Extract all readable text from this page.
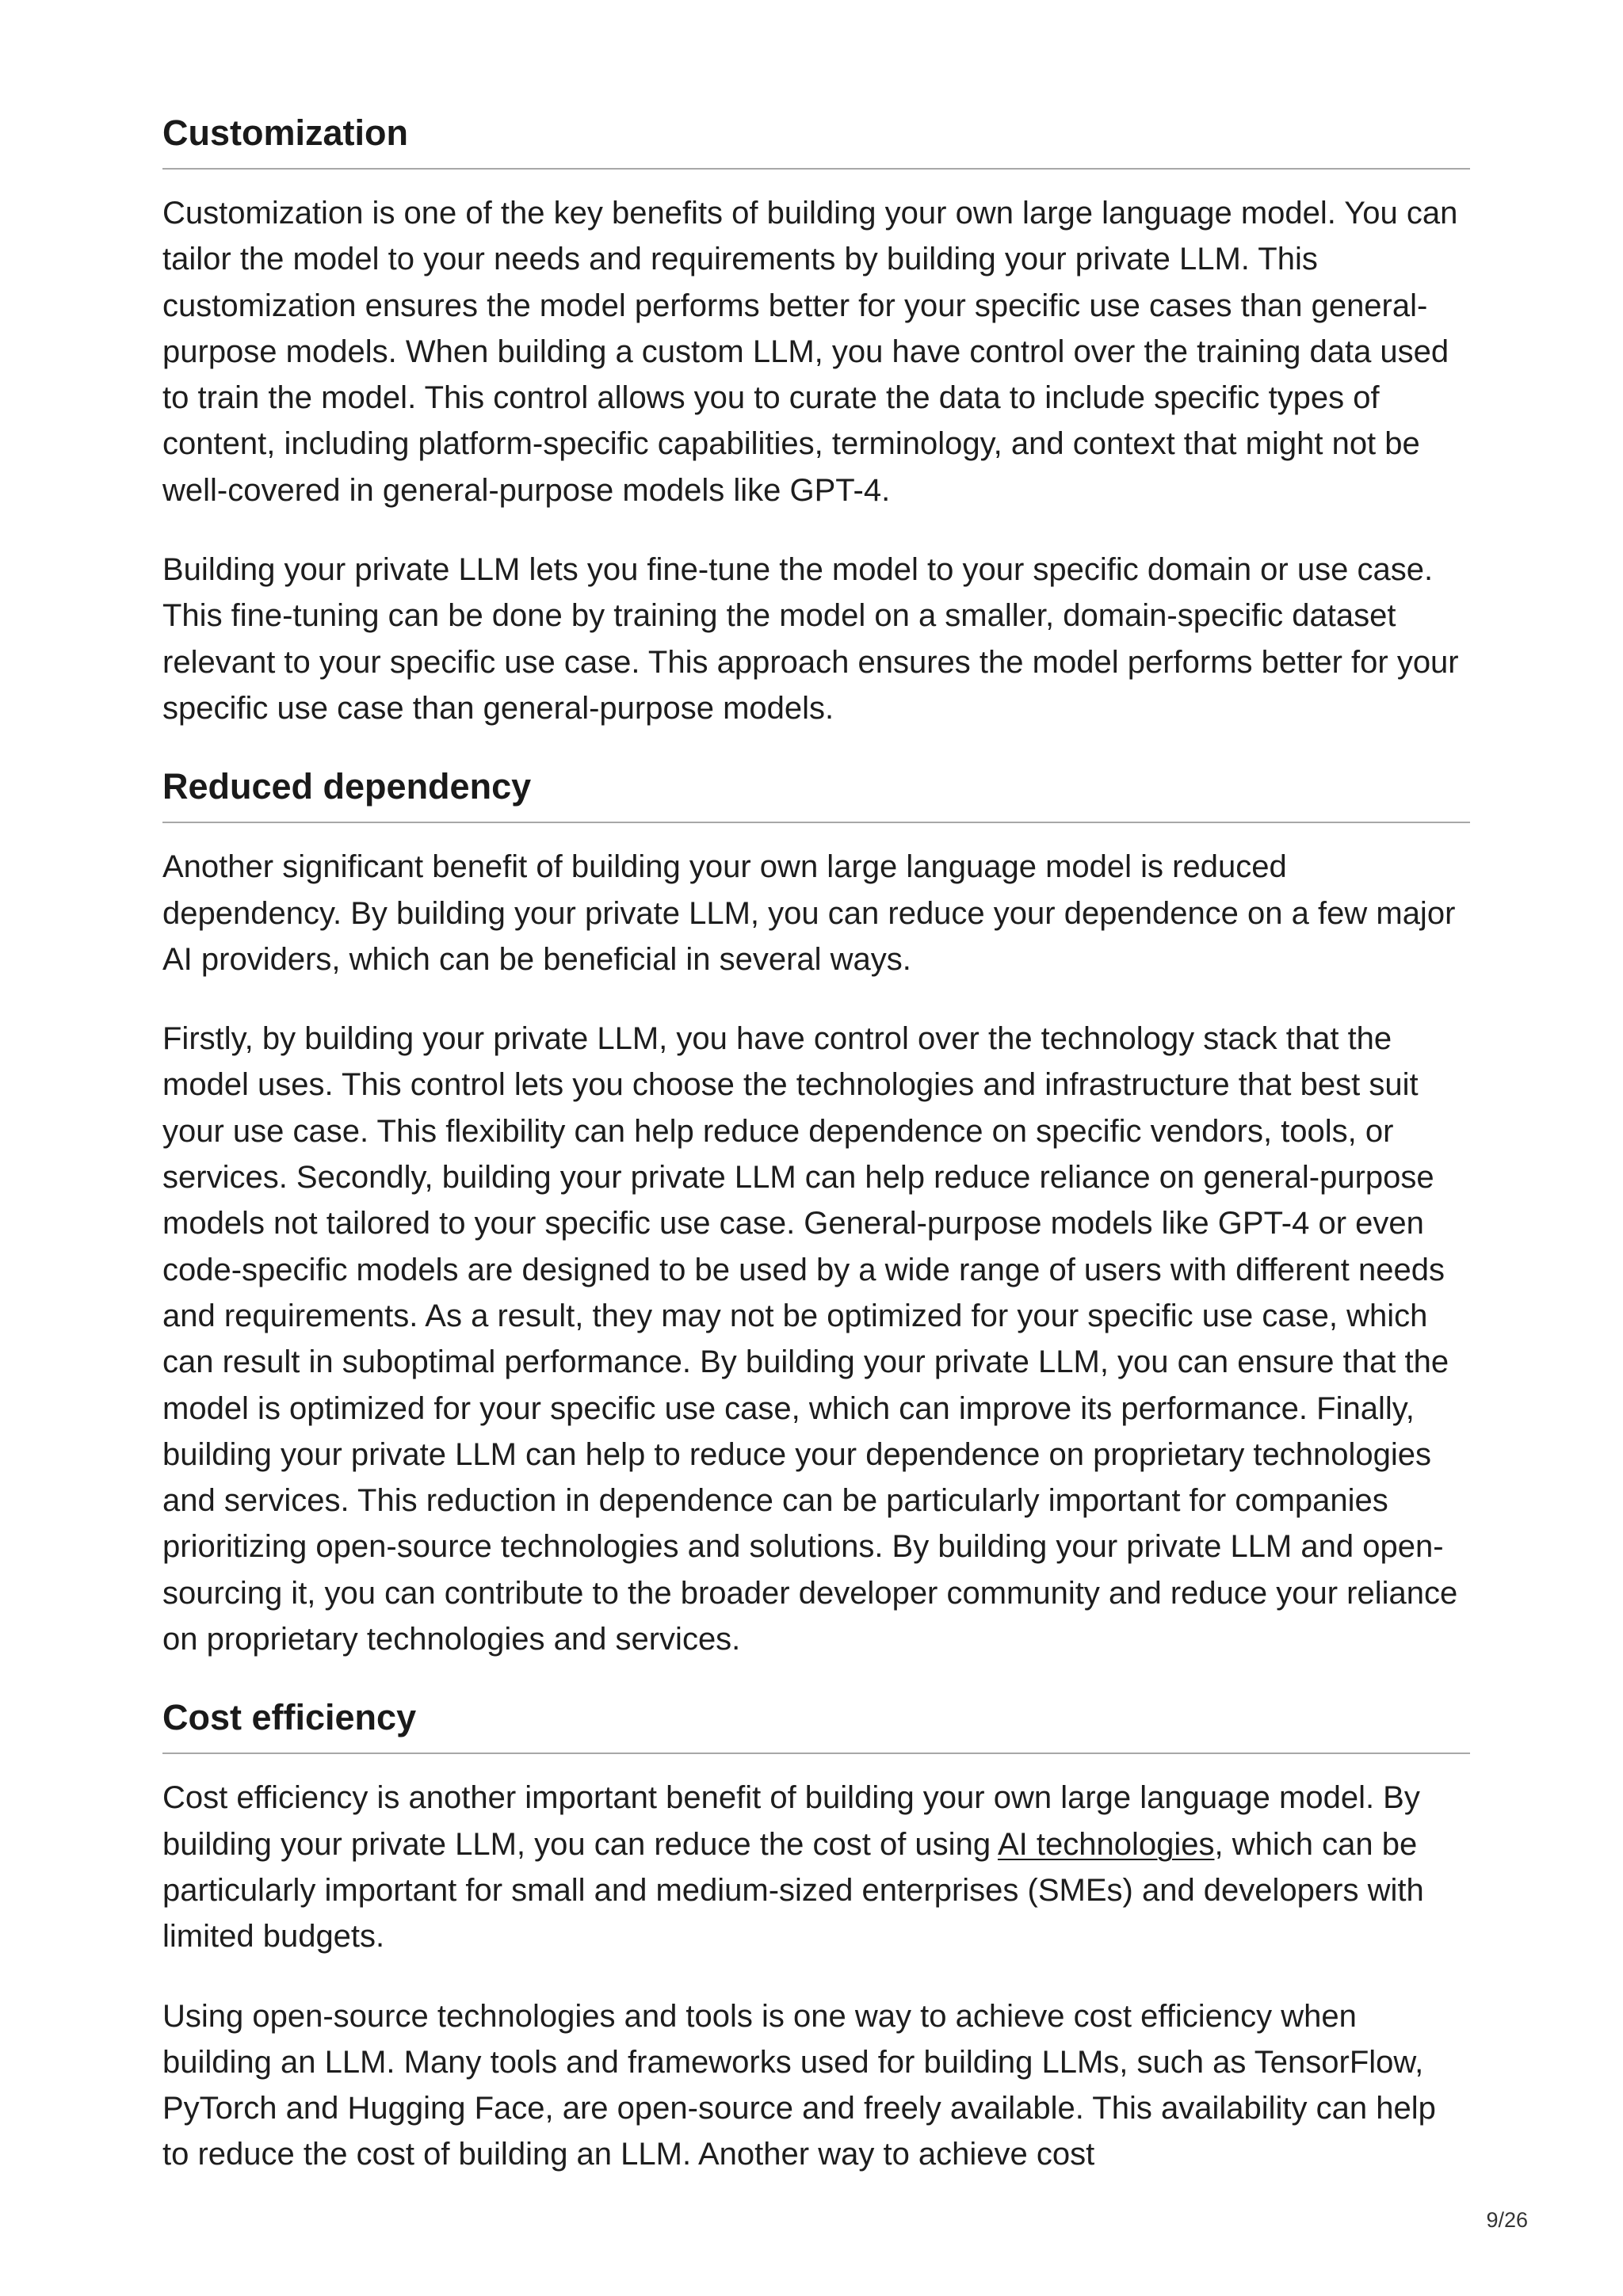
Customization

Customization is one of the key benefits of building your own large language model. You can tailor the model to your needs and requirements by building your private LLM. This customization ensures the model performs better for your specific use cases than general-purpose models. When building a custom LLM, you have control over the training data used to train the model. This control allows you to curate the data to include specific types of content, including platform-specific capabilities, terminology, and context that might not be well-covered in general-purpose models like GPT-4.

Building your private LLM lets you fine-tune the model to your specific domain or use case. This fine-tuning can be done by training the model on a smaller, domain-specific dataset relevant to your specific use case. This approach ensures the model performs better for your specific use case than general-purpose models.

Reduced dependency

Another significant benefit of building your own large language model is reduced dependency. By building your private LLM, you can reduce your dependence on a few major AI providers, which can be beneficial in several ways.

Firstly, by building your private LLM, you have control over the technology stack that the model uses. This control lets you choose the technologies and infrastructure that best suit your use case. This flexibility can help reduce dependence on specific vendors, tools, or services. Secondly, building your private LLM can help reduce reliance on general-purpose models not tailored to your specific use case. General-purpose models like GPT-4 or even code-specific models are designed to be used by a wide range of users with different needs and requirements. As a result, they may not be optimized for your specific use case, which can result in suboptimal performance. By building your private LLM, you can ensure that the model is optimized for your specific use case, which can improve its performance. Finally, building your private LLM can help to reduce your dependence on proprietary technologies and services. This reduction in dependence can be particularly important for companies prioritizing open-source technologies and solutions. By building your private LLM and open-sourcing it, you can contribute to the broader developer community and reduce your reliance on proprietary technologies and services.

Cost efficiency

Cost efficiency is another important benefit of building your own large language model. By building your private LLM, you can reduce the cost of using AI technologies, which can be particularly important for small and medium-sized enterprises (SMEs) and developers with limited budgets.

Using open-source technologies and tools is one way to achieve cost efficiency when building an LLM. Many tools and frameworks used for building LLMs, such as TensorFlow, PyTorch and Hugging Face, are open-source and freely available. This availability can help to reduce the cost of building an LLM. Another way to achieve cost

9/26
